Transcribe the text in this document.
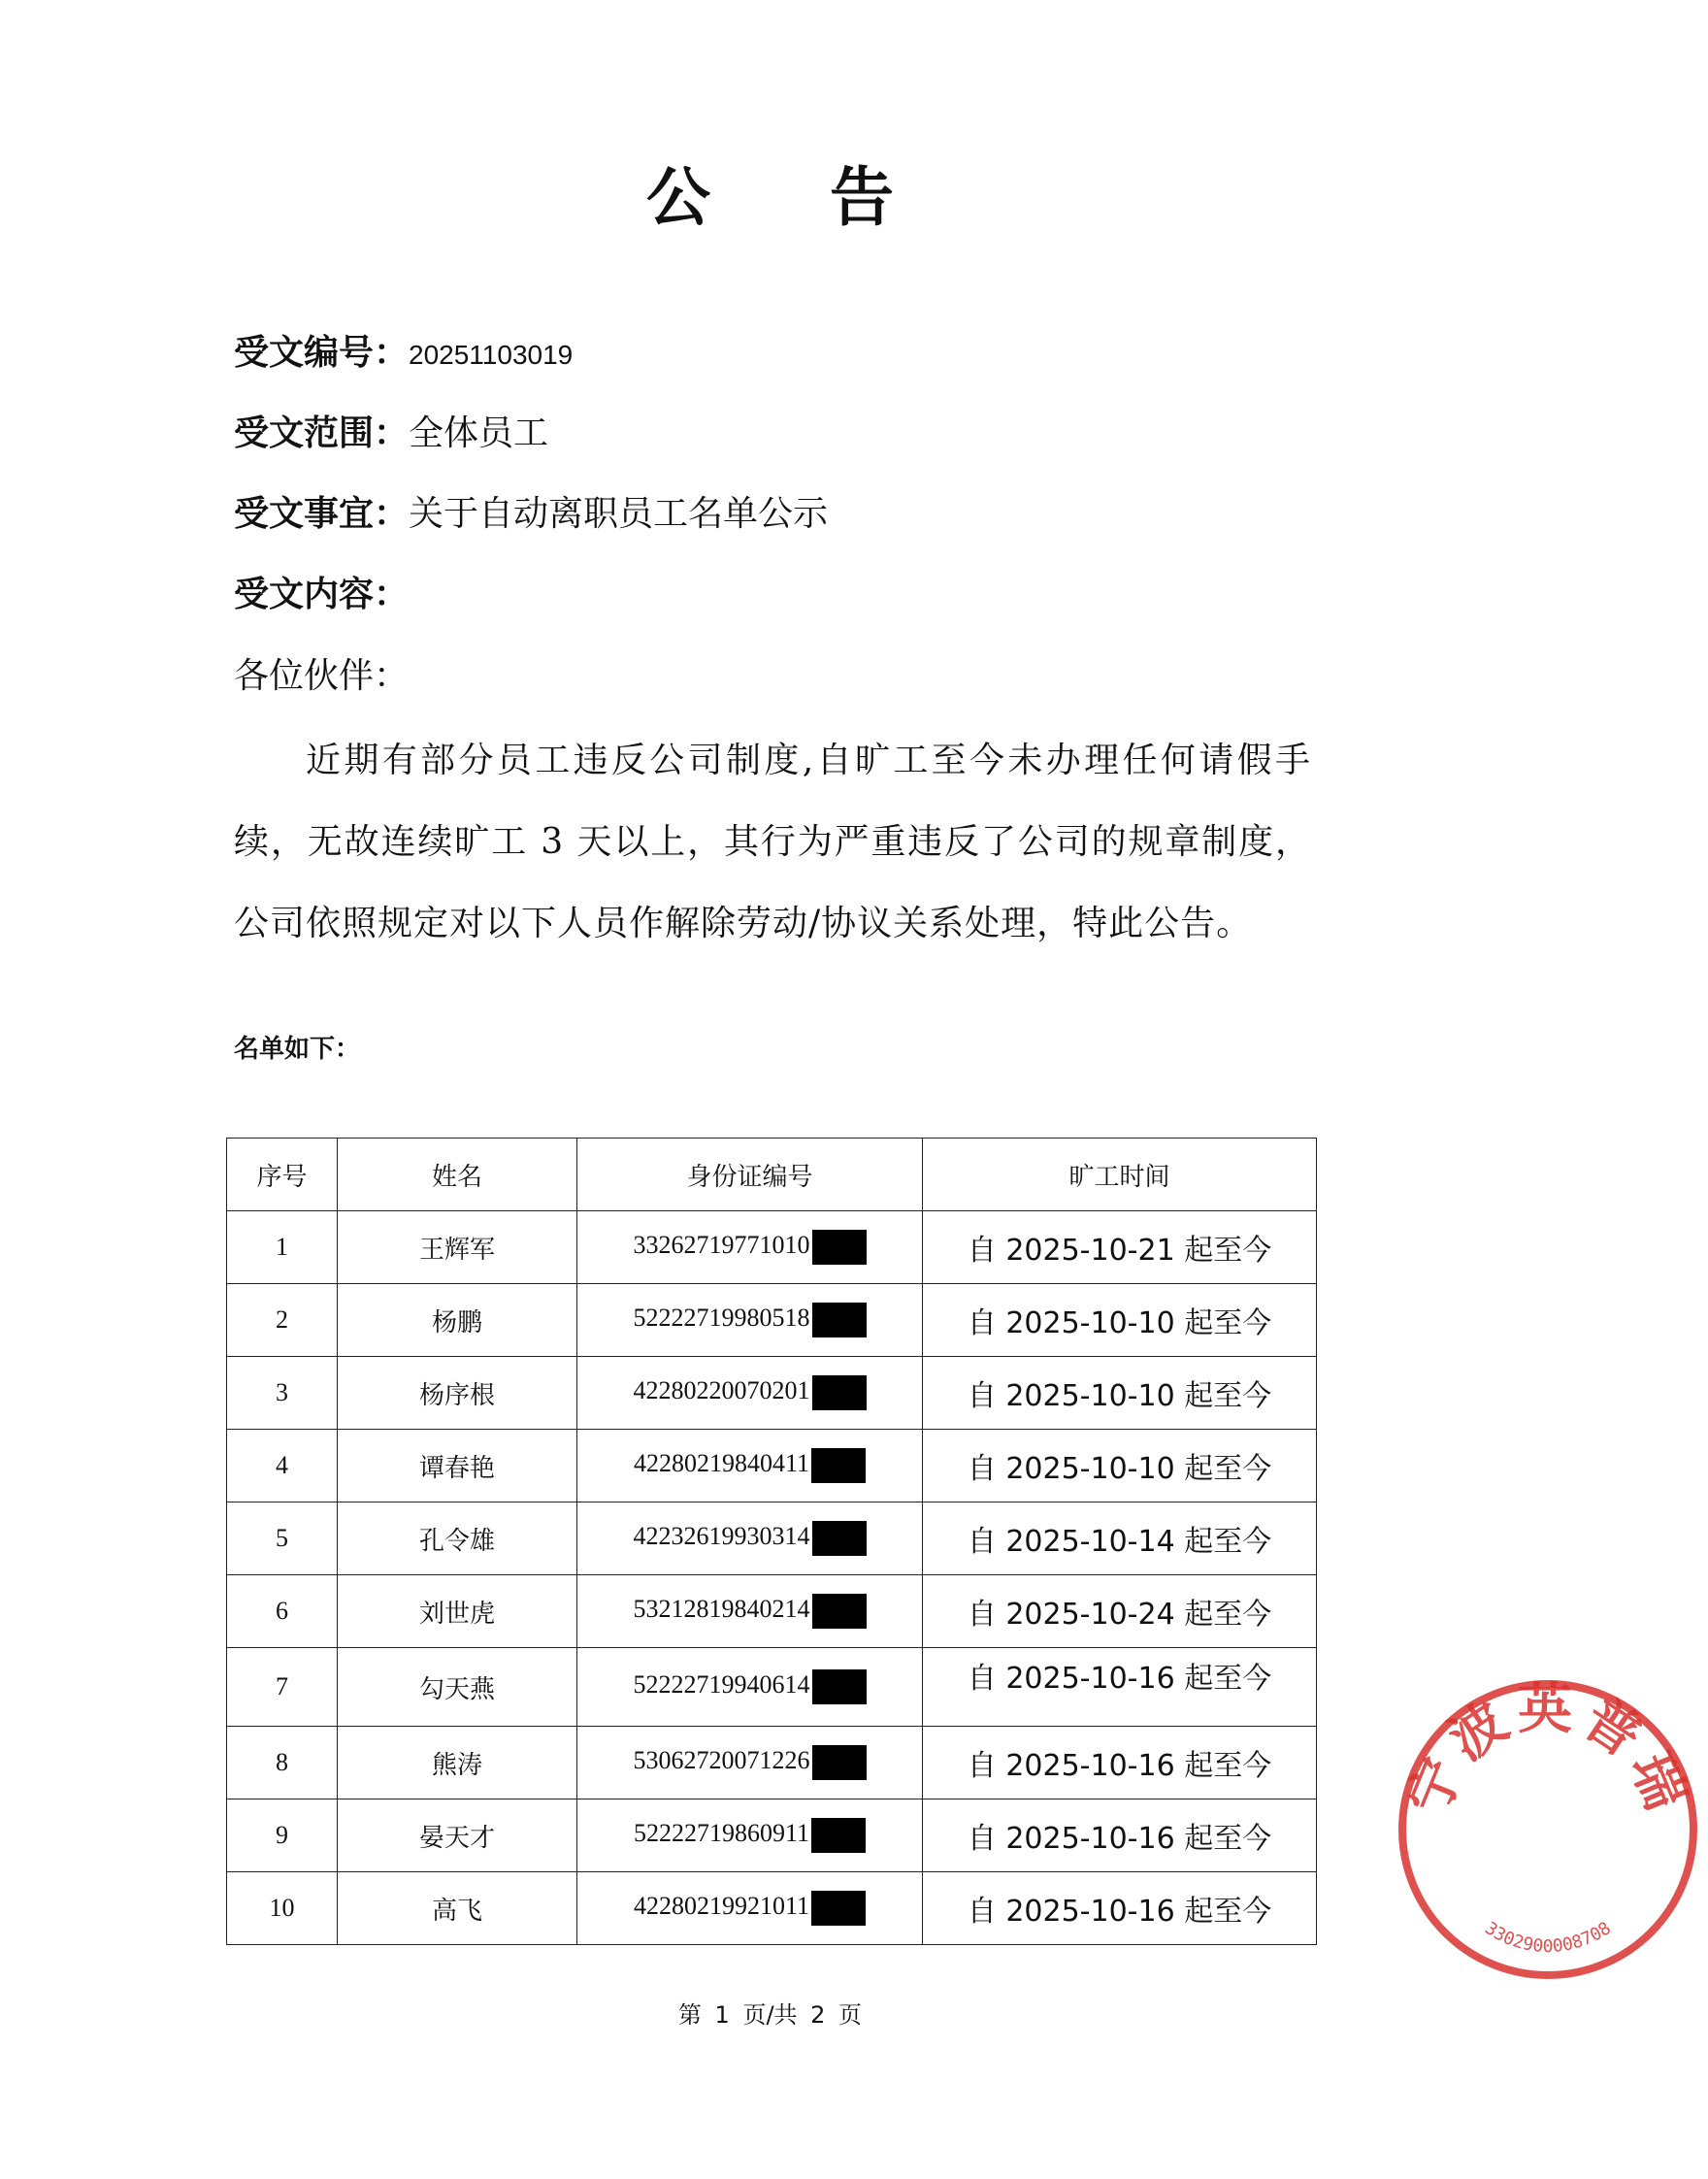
公 告
受文编号：20251103019
受文范围：全体员工
受文事宜：关于自动离职员工名单公示
受文内容：
各位伙伴：
近期有部分员工违反公司制度,自旷工至今未办理任何请假手续，无故连续旷工 3 天以上，其行为严重违反了公司的规章制度，公司依照规定对以下人员作解除劳动/协议关系处理，特此公告。
名单如下：
序号	姓名	身份证编号	旷工时间
1	王辉军	33262719771010	自 2025-10-21 起至今
2	杨鹏	52222719980518	自 2025-10-10 起至今
3	杨序根	42280220070201	自 2025-10-10 起至今
4	谭春艳	42280219840411	自 2025-10-10 起至今
5	孔令雄	42232619930314	自 2025-10-14 起至今
6	刘世虎	53212819840214	自 2025-10-24 起至今
7	勾天燕	52222719940614	自 2025-10-16 起至今
8	熊涛	53062720071226	自 2025-10-16 起至今
9	晏天才	52222719860911	自 2025-10-16 起至今
10	高飞	42280219921011	自 2025-10-16 起至今
第 1 页/共 2 页
宁波英普瑞
3302900008708
